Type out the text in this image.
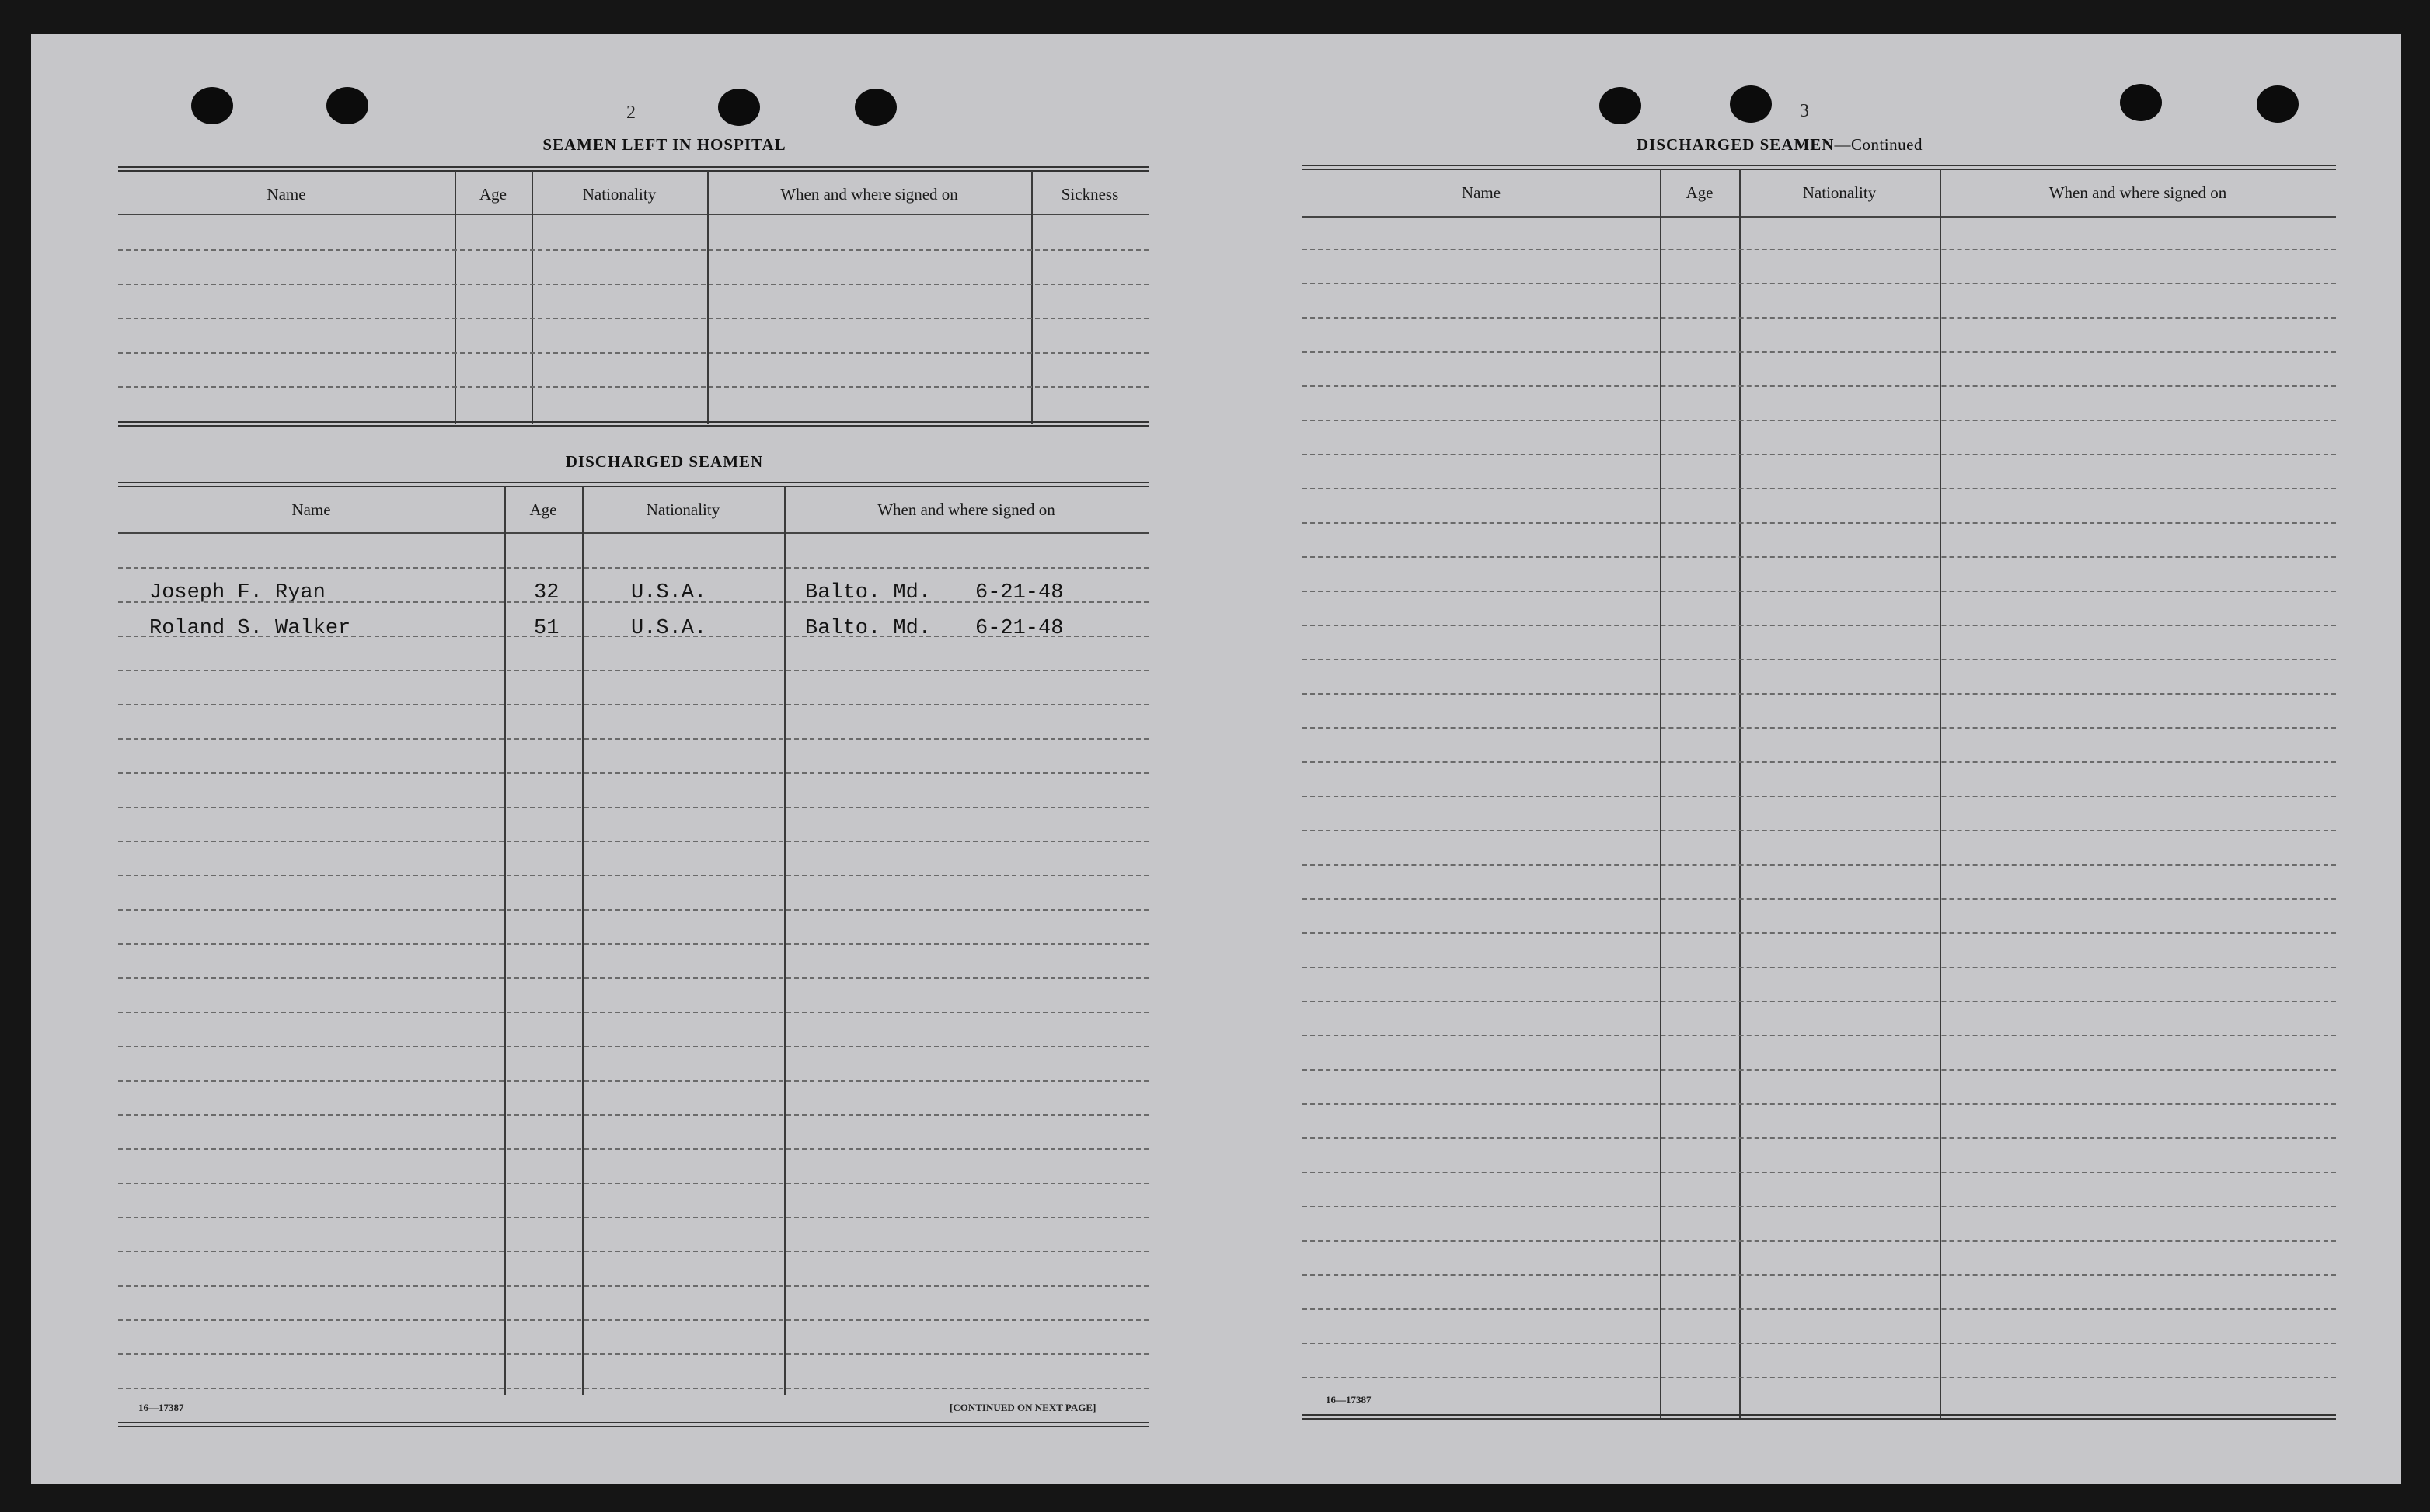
2
SEAMEN LEFT IN HOSPITAL
Name	Age	Nationality	When and where signed on	Sickness
DISCHARGED SEAMEN
Name	Age	Nationality	When and where signed on
Joseph F. Ryan	32	U.S.A.	Balto. Md. 6-21-48
Roland S. Walker	51	U.S.A.	Balto. Md. 6-21-48
16—17387	[CONTINUED ON NEXT PAGE]
3
DISCHARGED SEAMEN—Continued
Name	Age	Nationality	When and where signed on
16—17387
